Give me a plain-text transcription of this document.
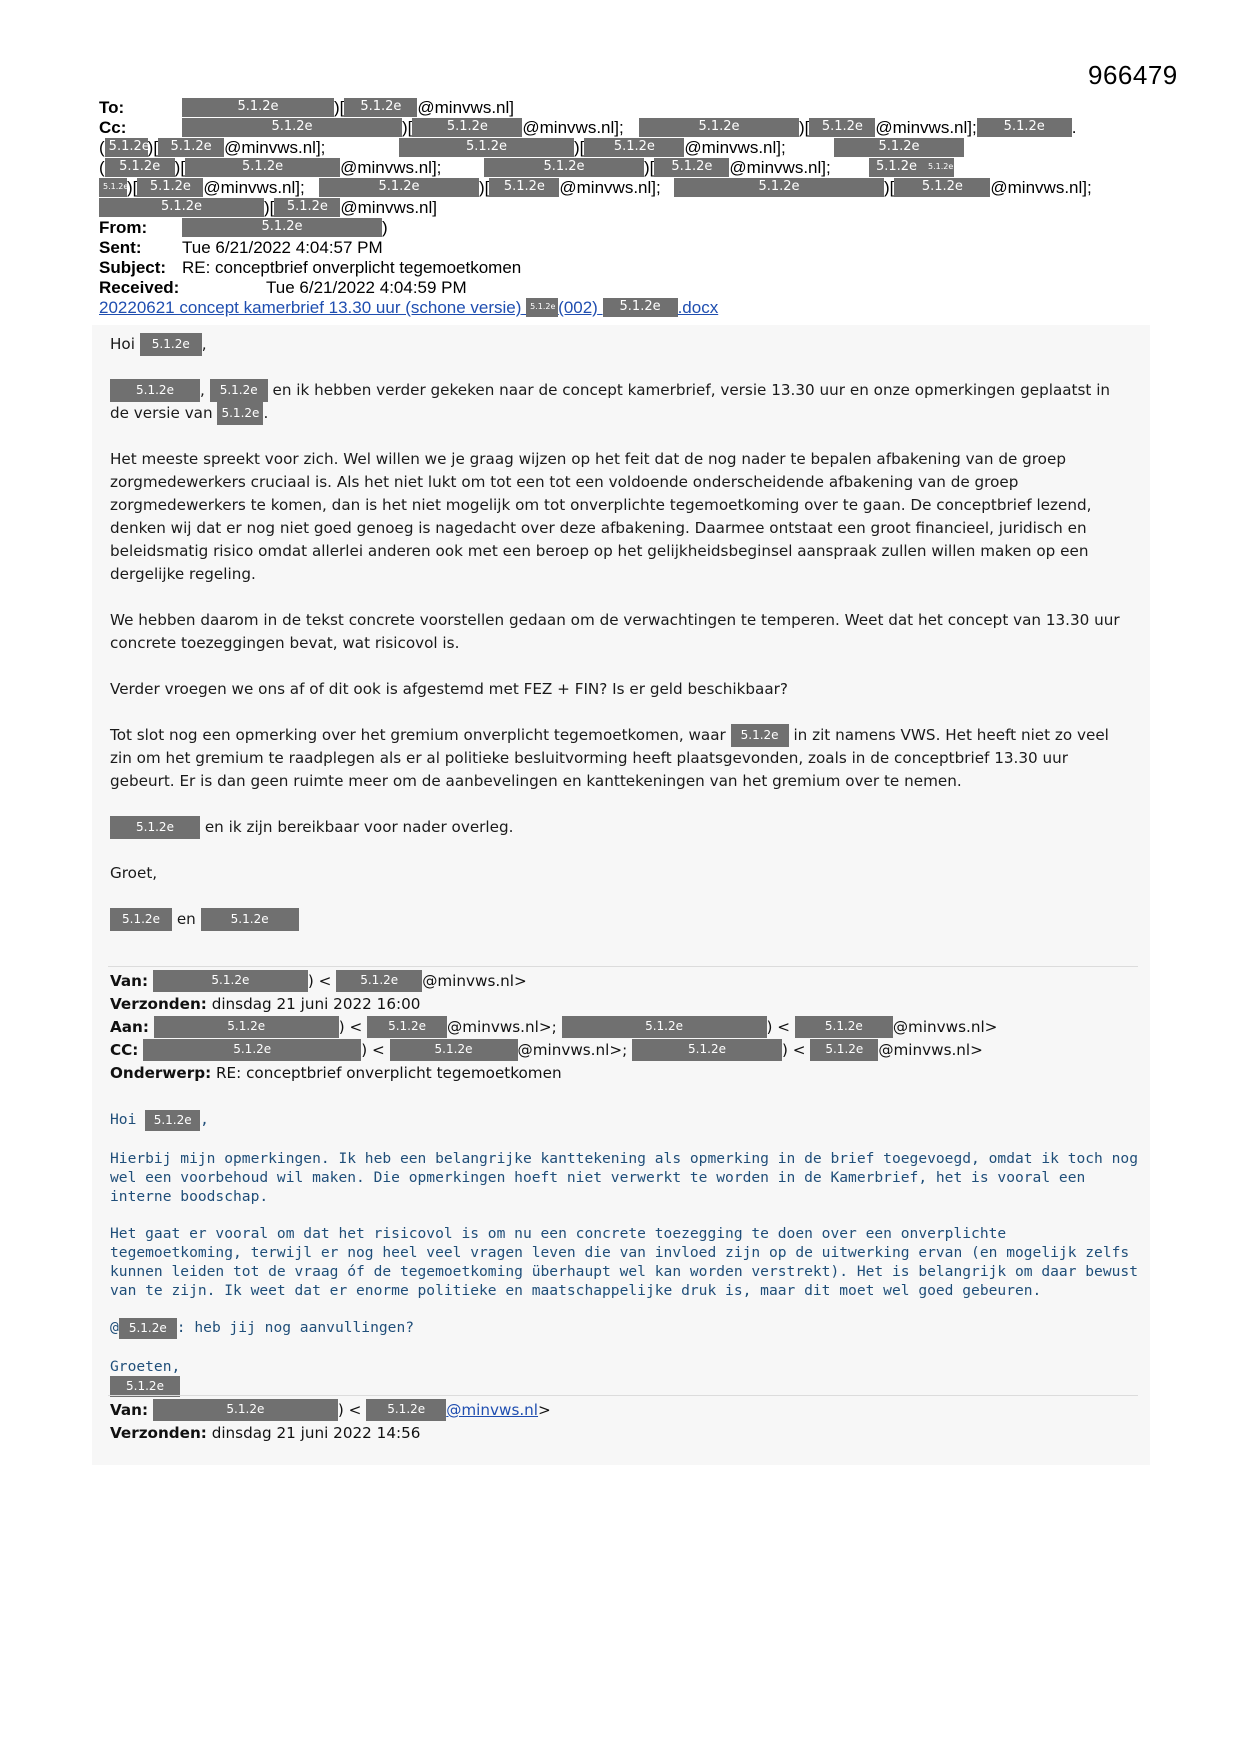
966479
To:	5.1.2e	)[ 5.1.2e @minvws.nl]
Cc:	5.1.2e	)[	5.1.2e @minvws.nl];	5.1.2e	)[ 5.1.2e @minvws.nl]; 5.1.2e .
( 5.1.2e)[ 5.1.2e @minvws.nl];	5.1.2e	)[ 5.1.2e @minvws.nl];	5.1.2e
( 5.1.2e )[	5.1.2e	@minvws.nl];	5.1.2e	)[ 5.1.2e @minvws.nl];	5.1.2e 5.1.2e
5.1.2e)[ 5.1.2e @minvws.nl];	5.1.2e	)[ 5.1.2e @minvws.nl];	5.1.2e	)[ 5.1.2e @minvws.nl];
5.1.2e	)[ 5.1.2e @minvws.nl]
From:	5.1.2e	)
Sent: Tue 6/21/2022 4:04:57 PM
Subject: RE: conceptbrief onverplicht tegemoetkomen
Received:	Tue 6/21/2022 4:04:59 PM
20220621 concept kamerbrief 13.30 uur (schone versie) 5.1.2e (002) 5.1.2e .docx

Hoi 5.1.2e ,

5.1.2e , 5.1.2e en ik hebben verder gekeken naar de concept kamerbrief, versie 13.30 uur en onze opmerkingen geplaatst in de versie van 5.1.2e .

Het meeste spreekt voor zich. Wel willen we je graag wijzen op het feit dat de nog nader te bepalen afbakening van de groep zorgmedewerkers cruciaal is. Als het niet lukt om tot een tot een voldoende onderscheidende afbakening van de groep zorgmedewerkers te komen, dan is het niet mogelijk om tot onverplichte tegemoetkoming over te gaan. De conceptbrief lezend, denken wij dat er nog niet goed genoeg is nagedacht over deze afbakening. Daarmee ontstaat een groot financieel, juridisch en beleidsmatig risico omdat allerlei anderen ook met een beroep op het gelijkheidsbeginsel aanspraak zullen willen maken op een dergelijke regeling.

We hebben daarom in de tekst concrete voorstellen gedaan om de verwachtingen te temperen. Weet dat het concept van 13.30 uur concrete toezeggingen bevat, wat risicovol is.

Verder vroegen we ons af of dit ook is afgestemd met FEZ + FIN? Is er geld beschikbaar?

Tot slot nog een opmerking over het gremium onverplicht tegemoetkomen, waar 5.1.2e in zit namens VWS. Het heeft niet zo veel zin om het gremium te raadplegen als er al politieke besluitvorming heeft plaatsgevonden, zoals in de conceptbrief 13.30 uur gebeurt. Er is dan geen ruimte meer om de aanbevelingen en kanttekeningen van het gremium over te nemen.

5.1.2e en ik zijn bereikbaar voor nader overleg.

Groet,

5.1.2e en	5.1.2e

Van:	5.1.2e	) < 5.1.2e @minvws.nl>
Verzonden: dinsdag 21 juni 2022 16:00
Aan:	5.1.2e	) < 5.1.2e @minvws.nl>;	5.1.2e	) <	5.1.2e @minvws.nl>
CC:	5.1.2e	) <	5.1.2e	@minvws.nl>;	5.1.2e	) < 5.1.2e @minvws.nl>
Onderwerp: RE: conceptbrief onverplicht tegemoetkomen

Hoi 5.1.2e ,

Hierbij mijn opmerkingen. Ik heb een belangrijke kanttekening als opmerking in de brief toegevoegd, omdat ik toch nog wel een voorbehoud wil maken. Die opmerkingen hoeft niet verwerkt te worden in de Kamerbrief, het is vooral een interne boodschap.

Het gaat er vooral om dat het risicovol is om nu een concrete toezegging te doen over een onverplichte tegemoetkoming, terwijl er nog heel veel vragen leven die van invloed zijn op de uitwerking ervan (en mogelijk zelfs kunnen leiden tot de vraag óf de tegemoetkoming überhaupt wel kan worden verstrekt). Het is belangrijk om daar bewust van te zijn. Ik weet dat er enorme politieke en maatschappelijke druk is, maar dit moet wel goed gebeuren.

@ 5.1.2e : heb jij nog aanvullingen?

Groeten,
5.1.2e

Van:	5.1.2e	) < 5.1.2e @minvws.nl>
Verzonden: dinsdag 21 juni 2022 14:56
